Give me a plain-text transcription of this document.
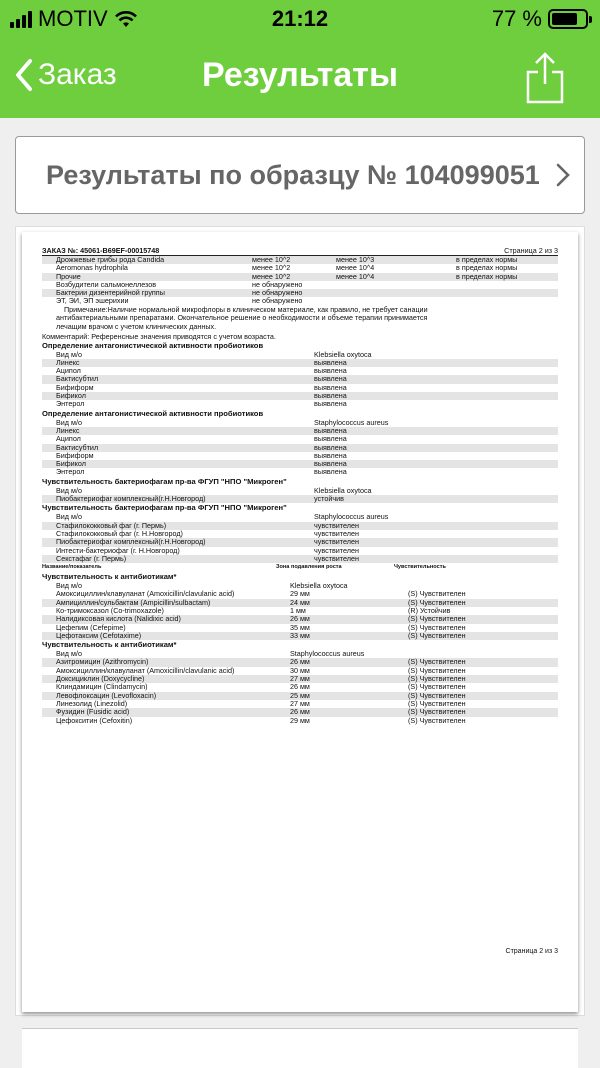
MOTIV	21:12	77 %
Заказ	Результаты
Результаты по образцу № 104099051
ЗАКАЗ №: 45061-B69EF-00015748	Страница 2 из 3
Дрожжевые грибы рода Candida	менее 10^2	менее 10^3	в пределах нормы
Aeromonas hydrophila	менее 10^2	менее 10^4	в пределах нормы
Прочие	менее 10^2	менее 10^4	в пределах нормы
Возбудители сальмонеллезов	не обнаружено
Бактерии дизентерийной группы	не обнаружено
ЭТ, ЭИ, ЭП эшерихии	не обнаружено
Примечание:Наличие нормальной микрофлоры в клиническом материале, как правило, не требует санации
антибактериальными препаратами. Окончательное решение о необходимости и объеме терапии принимается
лечащим врачом с учетом клинических данных.
Комментарий: Референсные значения приводятся с учетом возраста.
Определение антагонистической активности пробиотиков
Вид м/о	Klebsiella oxytoca
Линекс	выявлена
Аципол	выявлена
Бактисубтил	выявлена
Бифиформ	выявлена
Бификол	выявлена
Энтерол	выявлена
Определение антагонистической активности пробиотиков
Вид м/о	Staphylococcus aureus
Линекс	выявлена
Аципол	выявлена
Бактисубтил	выявлена
Бифиформ	выявлена
Бификол	выявлена
Энтерол	выявлена
Чувствительность бактериофагам пр-ва ФГУП "НПО "Микроген"
Вид м/о	Klebsiella oxytoca
Пиобактериофаг комплексный(г.Н.Новгород)	устойчив
Чувствительность бактериофагам пр-ва ФГУП "НПО "Микроген"
Вид м/о	Staphylococcus aureus
Стафилококковый фаг (г. Пермь)	чувствителен
Стафилококковый фаг (г. Н.Новгород)	чувствителен
Пиобактериофаг комплексный(г.Н.Новгород)	чувствителен
Интести-бактериофаг (г. Н.Новгород)	чувствителен
Секстафаг (г. Пермь)	чувствителен
Название/показатель	Зона подавления роста	Чувствительность
Чувствительность к антибиотикам*
Вид м/о	Klebsiella oxytoca
Амоксициллин/клавуланат (Amoxicillin/clavulanic acid)	29 мм	(S) Чувствителен
Ампициллин/сульбактам (Ampicillin/sulbactam)	24 мм	(S) Чувствителен
Ко-тримоксазол (Co-trimoxazole)	1 мм	(R) Устойчив
Налидиксовая кислота (Nalidixic acid)	26 мм	(S) Чувствителен
Цефепим (Cefepime)	35 мм	(S) Чувствителен
Цефотаксим (Cefotaxime)	33 мм	(S) Чувствителен
Чувствительность к антибиотикам*
Вид м/о	Staphylococcus aureus
Азитромицин (Azithromycin)	26 мм	(S) Чувствителен
Амоксициллин/клавуланат (Amoxicillin/clavulanic acid)	30 мм	(S) Чувствителен
Доксициклин (Doxycycline)	27 мм	(S) Чувствителен
Клиндамицин (Clindamycin)	26 мм	(S) Чувствителен
Левофлоксацин (Levofloxacin)	25 мм	(S) Чувствителен
Линезолид (Linezolid)	27 мм	(S) Чувствителен
Фузидин (Fusidic acid)	26 мм	(S) Чувствителен
Цефокситин (Cefoxitin)	29 мм	(S) Чувствителен
Страница 2 из 3
